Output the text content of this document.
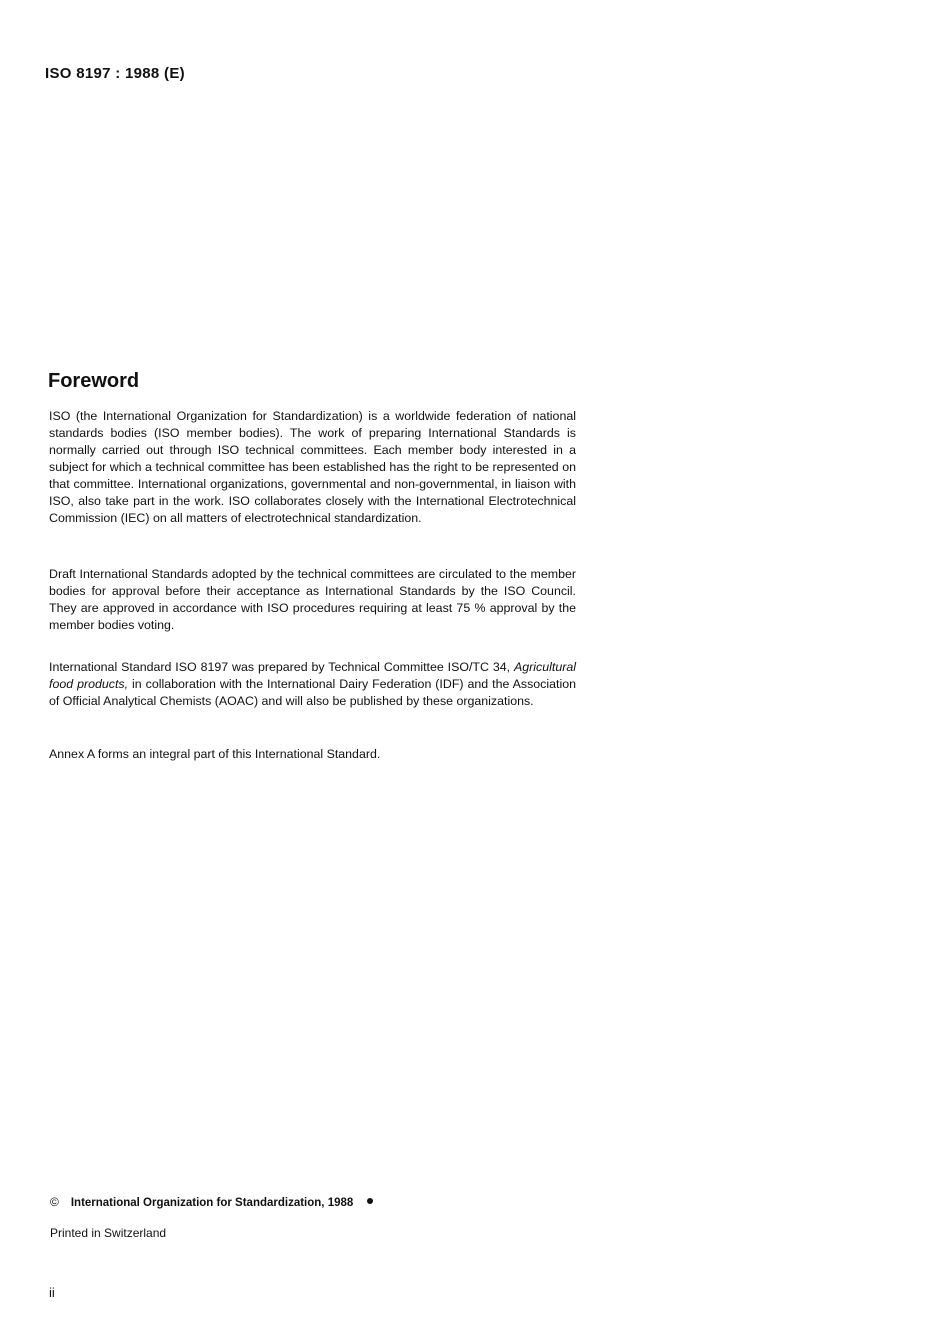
ISO 8197 : 1988 (E)
Foreword

ISO (the International Organization for Standardization) is a worldwide federation of national standards bodies (ISO member bodies). The work of preparing International Standards is normally carried out through ISO technical committees. Each member body interested in a subject for which a technical committee has been established has the right to be represented on that committee. International organizations, governmental and non-governmental, in liaison with ISO, also take part in the work. ISO collaborates closely with the International Electrotechnical Commission (IEC) on all matters of electrotechnical standardization.

Draft International Standards adopted by the technical committees are circulated to the member bodies for approval before their acceptance as International Standards by the ISO Council. They are approved in accordance with ISO procedures requiring at least 75 % approval by the member bodies voting.

International Standard ISO 8197 was prepared by Technical Committee ISO/TC 34, Agricultural food products, in collaboration with the International Dairy Federation (IDF) and the Association of Official Analytical Chemists (AOAC) and will also be published by these organizations.

Annex A forms an integral part of this International Standard.

© International Organization for Standardization, 1988
Printed in Switzerland
ii
